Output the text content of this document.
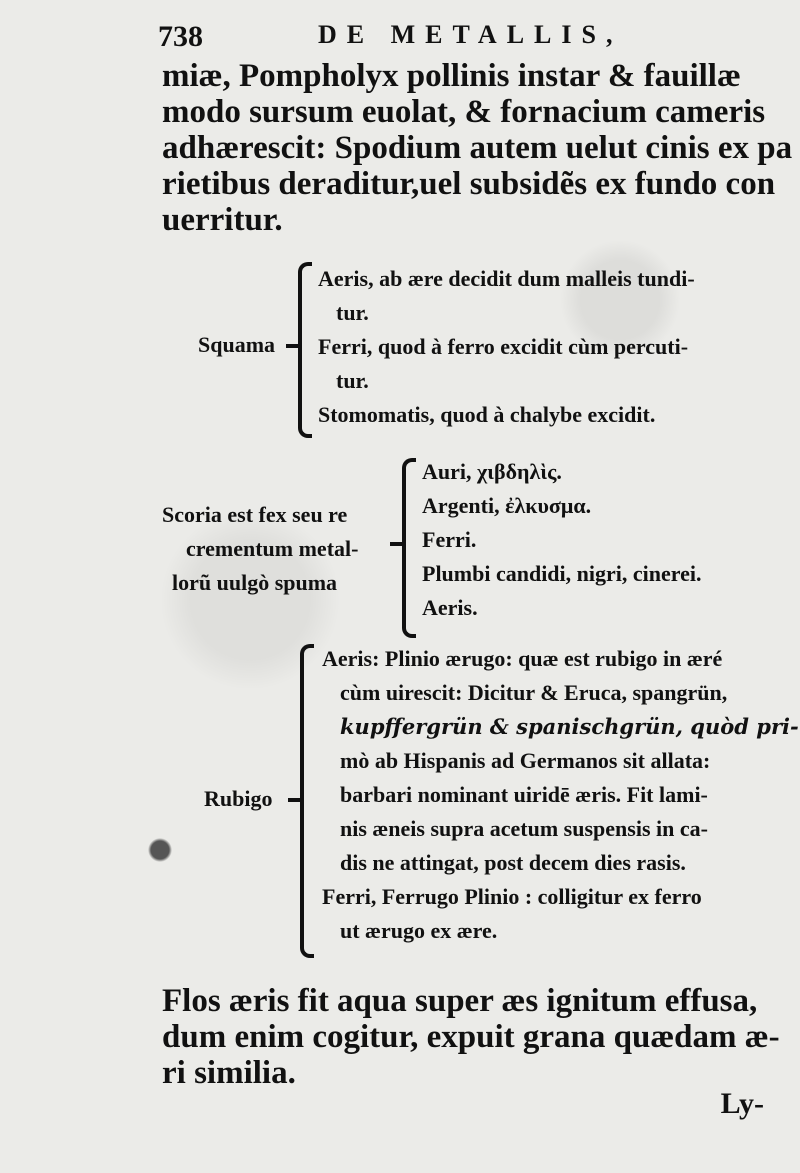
738	DE METALLIS,
miæ, Pompholyx pollinis instar & fauillæ
modo sursum euolat, & fornacium cameris
adhærescit: Spodium autem uelut cinis ex pa
rietibus deraditur,uel subsidẽs ex fundo con
uerritur.
Squama
Aeris, ab ære decidit dum malleis tundi-
tur.
Ferri, quod à ferro excidit cùm percuti-
tur.
Stomomatis, quod à chalybe excidit.
Scoria est fex seu re
crementum metal-
lorũ uulgò spuma
Auri, χιβδηλὶς.
Argenti, ἐλκυσμα.
Ferri.
Plumbi candidi, nigri, cinerei.
Aeris.
Rubigo
Aeris: Plinio ærugo: quæ est rubigo in æré
cùm uirescit: Dicitur & Eruca, spangrün,
kupffergrün & spanischgrün, quòd pri-
mò ab Hispanis ad Germanos sit allata:
barbari nominant uiridē æris. Fit lami-
nis æneis supra acetum suspensis in ca-
dis ne attingat, post decem dies rasis.
Ferri, Ferrugo Plinio : colligitur ex ferro
ut ærugo ex ære.
Flos æris fit aqua super æs ignitum effusa,
dum enim cogitur, expuit grana quædam æ-
ri similia.
Ly-
